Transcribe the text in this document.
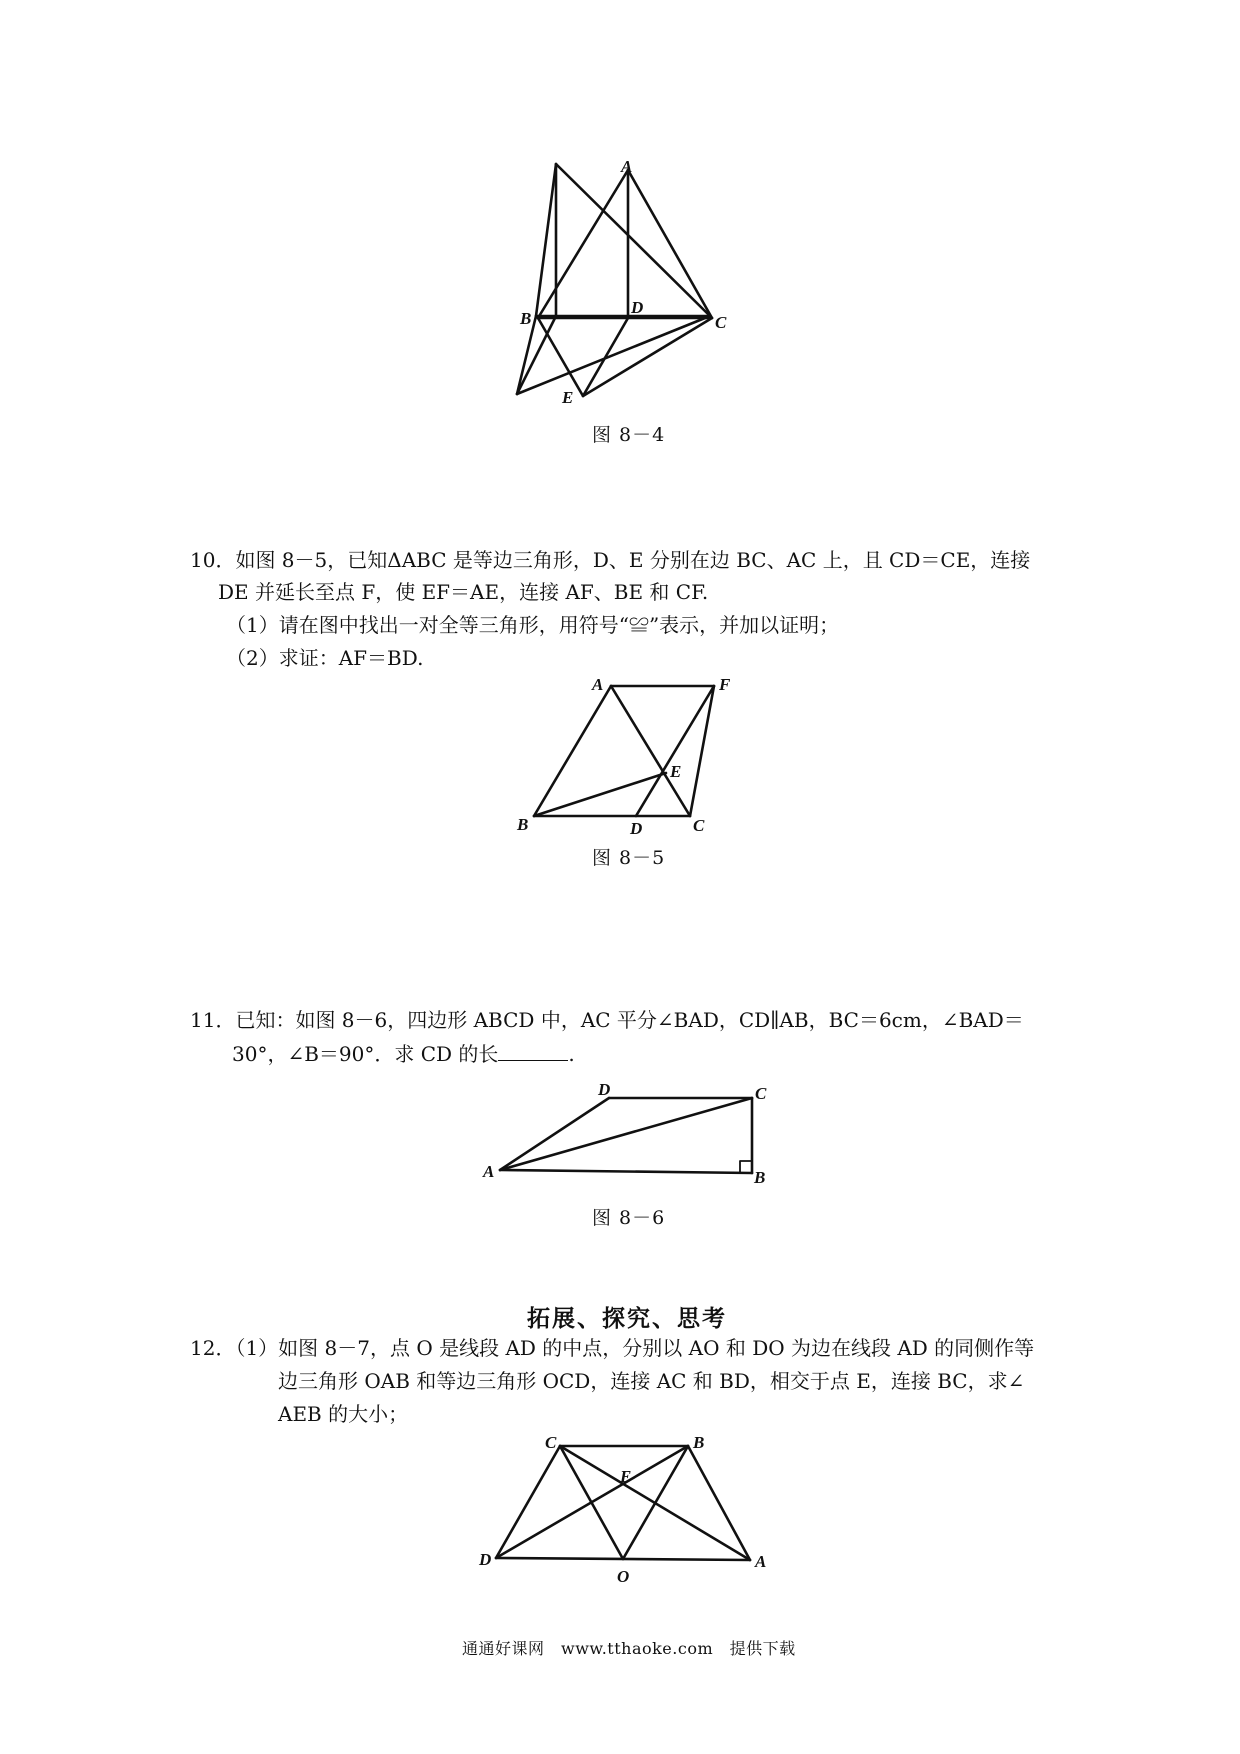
A
B	C
D
E
图 8－4
10．如图 8－5，已知ΔABC 是等边三角形，D、E 分别在边 BC、AC 上，且 CD＝CE，连接
DE 并延长至点 F，使 EF＝AE，连接 AF、BE 和 CF.
（1）请在图中找出一对全等三角形，用符号“≌”表示，并加以证明；
（2）求证：AF＝BD.
A	F
E
B	D	C
图 8－5
11．已知：如图 8－6，四边形 ABCD 中，AC 平分∠BAD，CD∥AB，BC＝6cm，∠BAD＝
30°，∠B＝90°．求 CD 的长	.
D	C
A	B
图 8－6
拓展、探究、思考
12．（1）如图 8－7，点 O 是线段 AD 的中点，分别以 AO 和 DO 为边在线段 AD 的同侧作等
边三角形 OAB 和等边三角形 OCD，连接 AC 和 BD，相交于点 E，连接 BC，求∠
AEB 的大小；
C	B
E
D
O
A
通通好课网　www.tthaoke.com　提供下载
